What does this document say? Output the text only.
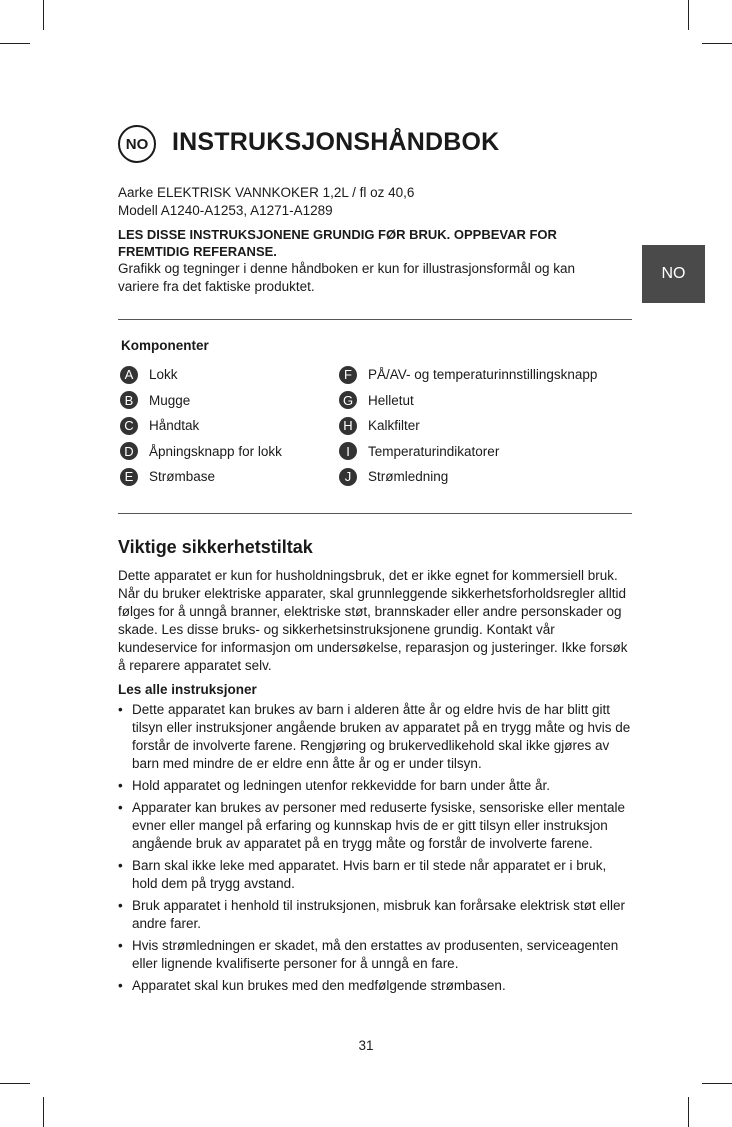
NO INSTRUKSJONSHÅNDBOK
NO

Aarke ELEKTRISK VANNKOKER 1,2L / fl oz 40,6

Modell A1240-A1253, A1271-A1289

LES DISSE INSTRUKSJONENE GRUNDIG FØR BRUK. OPPBEVAR FOR FREMTIDIG REFERANSE.

Grafikk og tegninger i denne håndboken er kun for illustrasjonsformål og kan variere fra det faktiske produktet.

Komponenter
A	Lokk
B	Mugge
C	Håndtak
D	Åpningsknapp for lokk
E	Strømbase
F	PÅ/AV- og temperaturinnstillingsknapp
G Helletut
H	Kalkfilter
I	Temperaturindikatorer
J	Strømledning
Viktige sikkerhetstiltak

Dette apparatet er kun for husholdningsbruk, det er ikke egnet for kommersiell bruk. Når du bruker elektriske apparater, skal grunnleggende sikkerhetsforholdsregler alltid følges for å unngå branner, elektriske støt, brannskader eller andre personskader og skade. Les disse bruks- og sikkerhetsinstruksjonene grundig. Kontakt vår kundeservice for informasjon om undersøkelse, reparasjon og justeringer. Ikke forsøk å reparere apparatet selv.

Les alle instruksjoner

• Dette apparatet kan brukes av barn i alderen åtte år og eldre hvis de har blitt gitt tilsyn eller instruksjoner angående bruken av apparatet på en trygg måte og hvis de forstår de involverte farene. Rengjøring og brukervedlikehold skal ikke gjøres av barn med mindre de er eldre enn åtte år og er under tilsyn.
• Hold apparatet og ledningen utenfor rekkevidde for barn under åtte år.
• Apparater kan brukes av personer med reduserte fysiske, sensoriske eller mentale evner eller mangel på erfaring og kunnskap hvis de er gitt tilsyn eller instruksjon angående bruk av apparatet på en trygg måte og forstår de involverte farene.
• Barn skal ikke leke med apparatet. Hvis barn er til stede når apparatet er i bruk, hold dem på trygg avstand.
• Bruk apparatet i henhold til instruksjonen, misbruk kan forårsake elektrisk støt eller andre farer.
• Hvis strømledningen er skadet, må den erstattes av produsenten, serviceagenten eller lignende kvalifiserte personer for å unngå en fare.
• Apparatet skal kun brukes med den medfølgende strømbasen.
31
